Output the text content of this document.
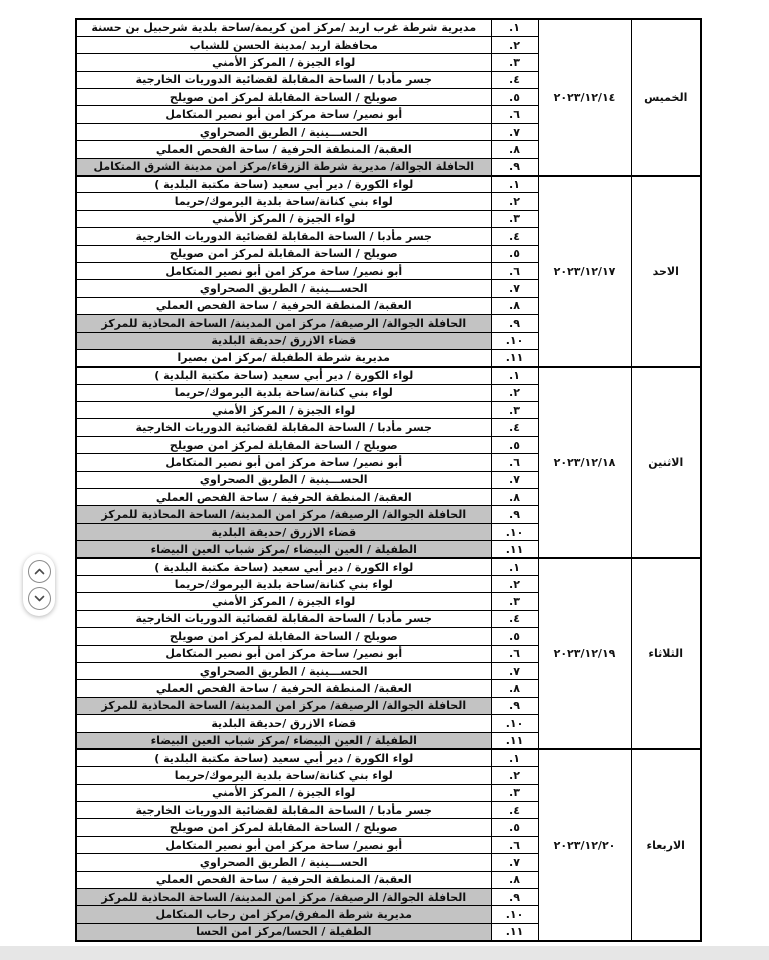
الخميس	٢٠٢٣/١٢/١٤	١.	مديرية شرطة غرب اربد /مركز امن كريمة/ساحة بلدية شرحبيل بن حسنة
		٢.	محافظة اربد /مدينة الحسن للشباب
		٣.	لواء الجيزة / المركز الأمني
		٤.	جسر مأدبا / الساحة المقابلة لقضائية الدوريات الخارجية
		٥.	صويلح / الساحة المقابلة لمركز امن صويلح
		٦.	أبو نصير/ ساحة مركز امن أبو نصير المتكامل
		٧.	الحســـينية / الطريق الصحراوي
		٨.	العقبة/ المنطقة الحرفية / ساحة الفحص العملي
		٩.	الحافلة الجوالة/ مديرية شرطة الزرقاء/مركز امن مدينة الشرق المتكامل
الاحد	٢٠٢٣/١٢/١٧	١.	لواء الكورة / دير أبي سعيد (ساحة مكتبة البلدية )
		٢.	لواء بني كنانة/ساحة بلدية اليرموك/حريما
		٣.	لواء الجيزة / المركز الأمني
		٤.	جسر مأدبا / الساحة المقابلة لقضائية الدوريات الخارجية
		٥.	صويلح / الساحة المقابلة لمركز امن صويلح
		٦.	أبو نصير/ ساحة مركز امن أبو نصير المتكامل
		٧.	الحســـينية / الطريق الصحراوي
		٨.	العقبة/ المنطقة الحرفية / ساحة الفحص العملي
		٩.	الحافلة الجوالة/ الرصيفة/ مركز امن المدينة/ الساحة المحاذية للمركز
		١٠.	قضاء الازرق /حديقة البلدية
		١١.	مديرية شرطة الطفيلة /مركز امن بصيرا
الاثنين	٢٠٢٣/١٢/١٨	١.	لواء الكورة / دير أبي سعيد (ساحة مكتبة البلدية )
		٢.	لواء بني كنانة/ساحة بلدية اليرموك/حريما
		٣.	لواء الجيزة / المركز الأمني
		٤.	جسر مأدبا / الساحة المقابلة لقضائية الدوريات الخارجية
		٥.	صويلح / الساحة المقابلة لمركز امن صويلح
		٦.	أبو نصير/ ساحة مركز امن أبو نصير المتكامل
		٧.	الحســـينية / الطريق الصحراوي
		٨.	العقبة/ المنطقة الحرفية / ساحة الفحص العملي
		٩.	الحافلة الجوالة/ الرصيفة/ مركز امن المدينة/ الساحة المحاذية للمركز
		١٠.	قضاء الازرق /حديقة البلدية
		١١.	الطفيلة / العين البيضاء /مركز شباب العين البيضاء
الثلاثاء	٢٠٢٣/١٢/١٩	١.	لواء الكورة / دير أبي سعيد (ساحة مكتبة البلدية )
		٢.	لواء بني كنانة/ساحة بلدية اليرموك/حريما
		٣.	لواء الجيزة / المركز الأمني
		٤.	جسر مأدبا / الساحة المقابلة لقضائية الدوريات الخارجية
		٥.	صويلح / الساحة المقابلة لمركز امن صويلح
		٦.	أبو نصير/ ساحة مركز امن أبو نصير المتكامل
		٧.	الحســـينية / الطريق الصحراوي
		٨.	العقبة/ المنطقة الحرفية / ساحة الفحص العملي
		٩.	الحافلة الجوالة/ الرصيفة/ مركز امن المدينة/ الساحة المحاذية للمركز
		١٠.	قضاء الازرق /حديقة البلدية
		١١.	الطفيلة / العين البيضاء /مركز شباب العين البيضاء
الاربعاء	٢٠٢٣/١٢/٢٠	١.	لواء الكورة / دير أبي سعيد (ساحة مكتبة البلدية )
		٢.	لواء بني كنانة/ساحة بلدية اليرموك/حريما
		٣.	لواء الجيزة / المركز الأمني
		٤.	جسر مأدبا / الساحة المقابلة لقضائية الدوريات الخارجية
		٥.	صويلح / الساحة المقابلة لمركز امن صويلح
		٦.	أبو نصير/ ساحة مركز امن أبو نصير المتكامل
		٧.	الحســـينية / الطريق الصحراوي
		٨.	العقبة/ المنطقة الحرفية / ساحة الفحص العملي
		٩.	الحافلة الجوالة/ الرصيفة/ مركز امن المدينة/ الساحة المحاذية للمركز
		١٠.	مديرية شرطة المفرق/مركز امن رحاب المتكامل
		١١.	الطفيلة / الحسا/مركز امن الحسا
